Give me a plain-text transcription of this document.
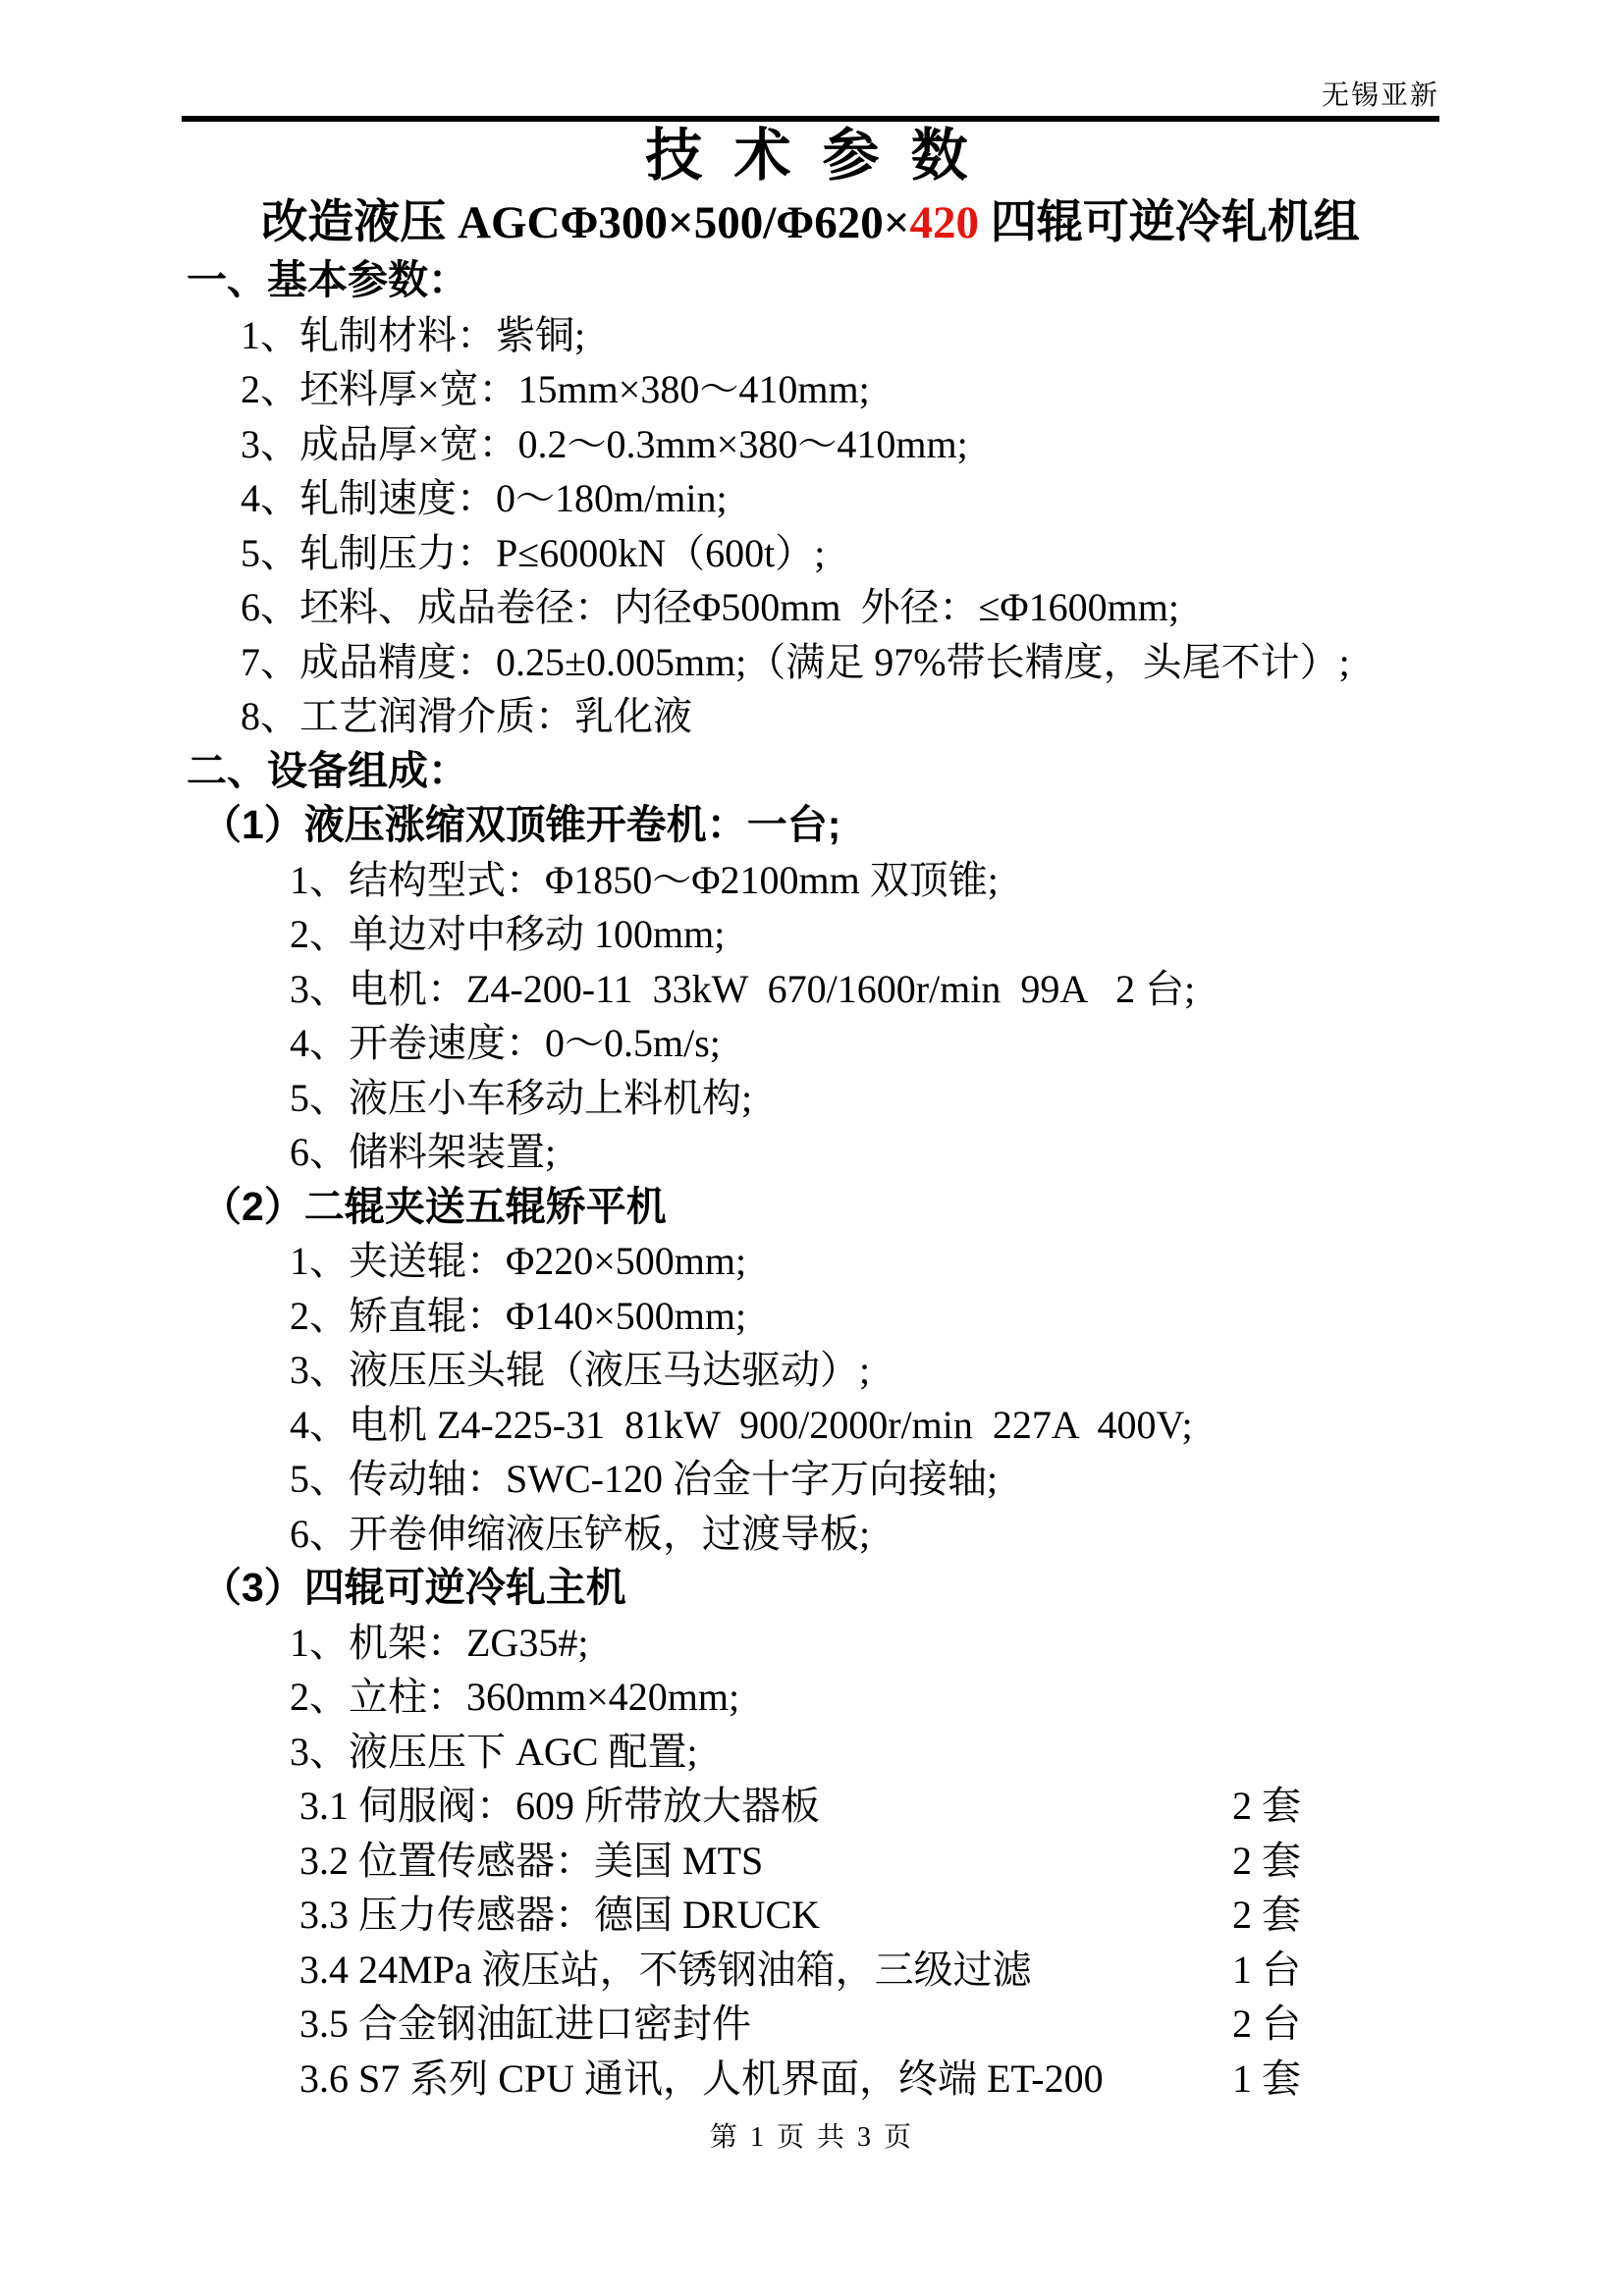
无锡亚新
技 术 参 数
改造液压 AGCΦ300×500/Φ620×420 四辊可逆冷轧机组
一、基本参数：
1、轧制材料：紫铜;
2、坯料厚×宽：15mm×380～410mm;
3、成品厚×宽：0.2～0.3mm×380～410mm;
4、轧制速度：0～180m/min;
5、轧制压力：P≤6000kN（600t）;
6、坯料、成品卷径：内径Φ500mm  外径：≤Φ1600mm;
7、成品精度：0.25±0.005mm;（满足 97%带长精度，头尾不计）;
8、工艺润滑介质：乳化液
二、设备组成：
（1）液压涨缩双顶锥开卷机：一台;
1、结构型式：Φ1850～Φ2100mm 双顶锥;
2、单边对中移动 100mm;
3、电机：Z4-200-11  33kW  670/1600r/min  99A   2 台;
4、开卷速度：0～0.5m/s;
5、液压小车移动上料机构;
6、储料架装置;
（2）二辊夹送五辊矫平机
1、夹送辊：Φ220×500mm;
2、矫直辊：Φ140×500mm;
3、液压压头辊（液压马达驱动）;
4、电机 Z4-225-31  81kW  900/2000r/min  227A  400V;
5、传动轴：SWC-120 冶金十字万向接轴;
6、开卷伸缩液压铲板，过渡导板;
（3）四辊可逆冷轧主机
1、机架：ZG35#;
2、立柱：360mm×420mm;
3、液压压下 AGC 配置;
3.1 伺服阀：609 所带放大器板	2 套
3.2 位置传感器：美国 MTS	2 套
3.3 压力传感器：德国 DRUCK	2 套
3.4 24MPa 液压站，不锈钢油箱，三级过滤	1 台
3.5 合金钢油缸进口密封件	2 台
3.6 S7 系列 CPU 通讯，人机界面，终端 ET-200	1 套
第 1 页 共 3 页
